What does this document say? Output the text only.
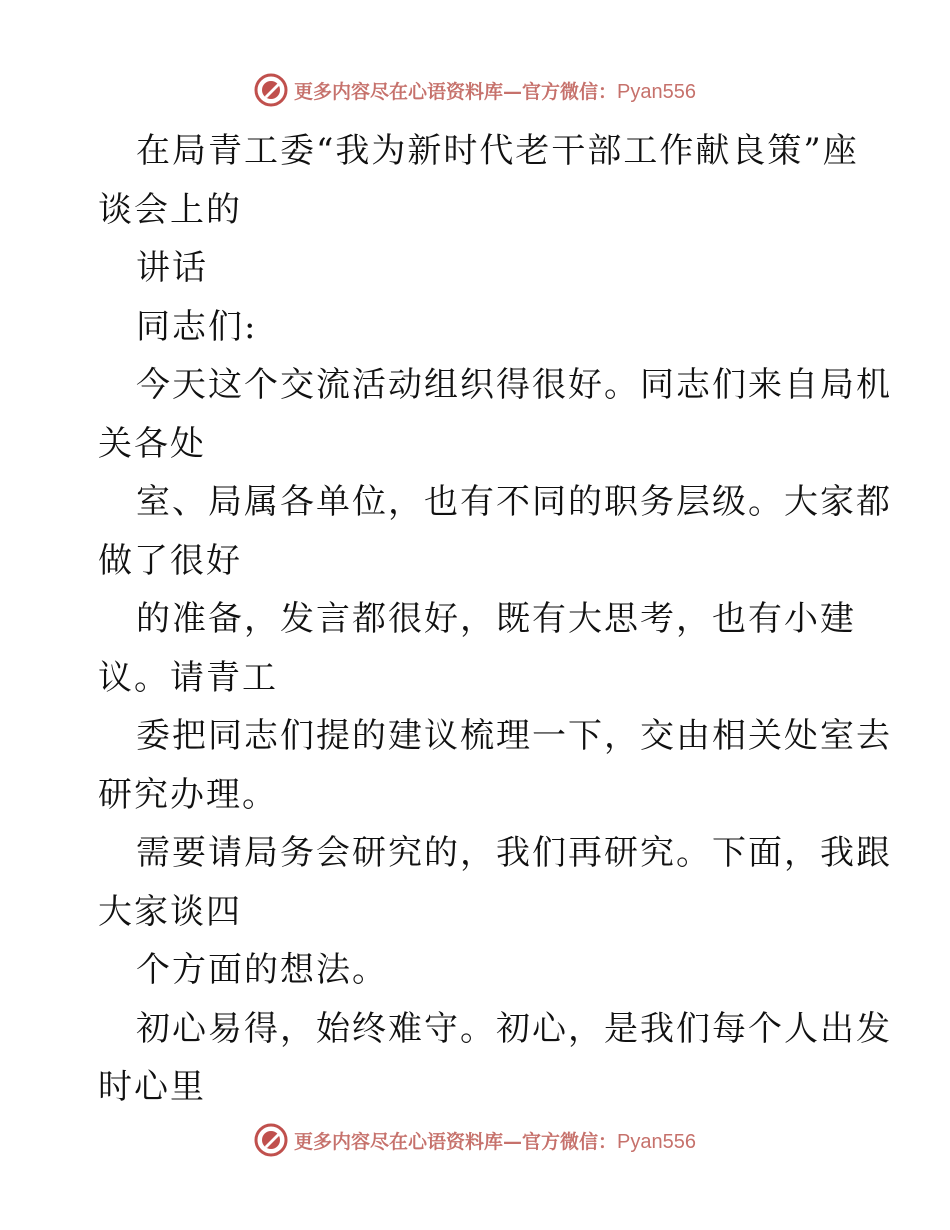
更多内容尽在心语资料库—官方微信：Pyan556
在局青工委“我为新时代老干部工作献良策”座
谈会上的
讲话
同志们:
今天这个交流活动组织得很好。同志们来自局机
关各处
室、局属各单位，也有不同的职务层级。大家都
做了很好
的准备，发言都很好，既有大思考，也有小建
议。请青工
委把同志们提的建议梳理一下，交由相关处室去
研究办理。
需要请局务会研究的，我们再研究。下面，我跟
大家谈四
个方面的想法。
初心易得，始终难守。初心，是我们每个人出发
时心里
更多内容尽在心语资料库—官方微信：Pyan556
